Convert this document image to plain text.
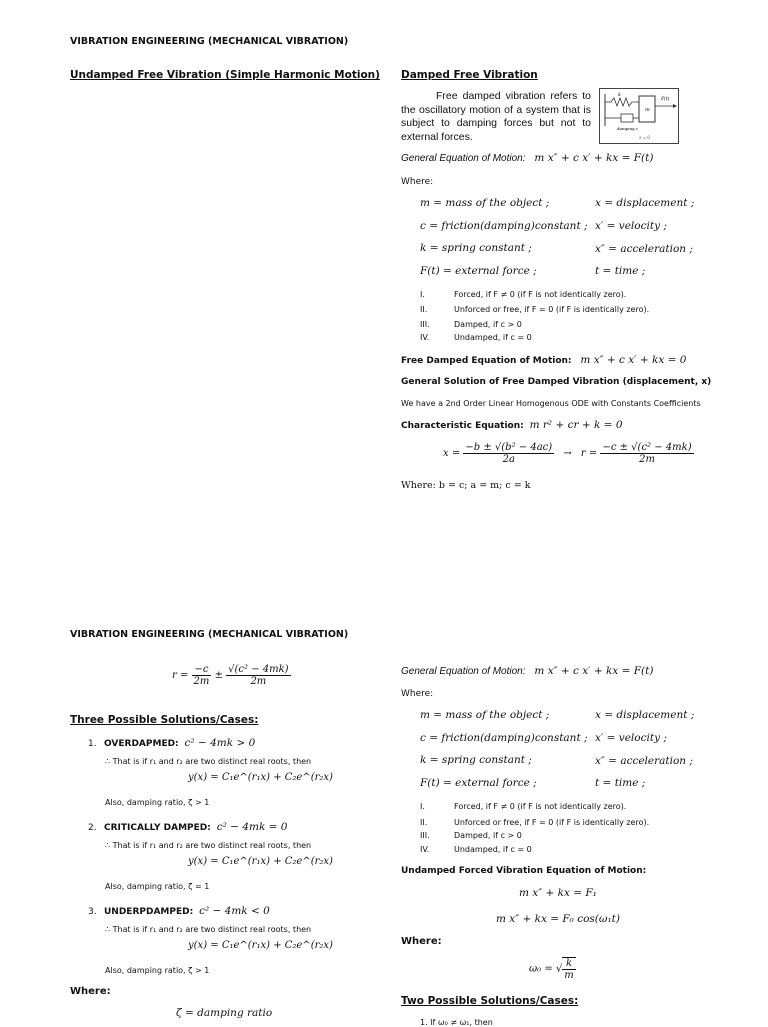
VIBRATION ENGINEERING (MECHANICAL VIBRATION)
Undamped Free Vibration (Simple Harmonic Motion) Damped Free Vibration
Free damped vibration refers to the oscillatory motion of a system that is subject to damping forces but not to external forces.
k
m
F(t)
damping c
x = 0
General Equation of Motion: m x″ + c x′ + kx = F(t)
Where:
m = mass of the object ;	x = displacement ;
c = friction(damping)constant ; x′ = velocity ;
k = spring constant ;	x″ = acceleration ;
F(t) = external force ;	t = time ;
I.	Forced, if F ≠ 0 (if F is not identically zero).
II.	Unforced or free, if F = 0 (if F is identically zero).
III.	Damped, if c > 0
IV.	Undamped, if c = 0
Free Damped Equation of Motion: m x″ + c x′ + kx = 0
General Solution of Free Damped Vibration (displacement, x)
We have a 2nd Order Linear Homogenous ODE with Constants Coefficients
Characteristic Equation: m r² + cr + k = 0
$x = \frac{\text{−b ± √(b² − 4ac)}}{2a} \to r = \frac{\text{−c ± √(c² − 4mk)}}{2m}$
Where: b = c; a = m; c = k
VIBRATION ENGINEERING (MECHANICAL VIBRATION)
$r = \frac{-c}{2m} \pm \frac{\text{√(c² − 4mk)}}{2m}$
Three Possible Solutions/Cases:
1. OVERDAPMED: c² − 4mk > 0
∴ That is if r₁ and r₂ are two distinct real roots, then
y(x) = C₁e^(r₁x) + C₂e^(r₂x)
Also, damping ratio, ζ > 1
2. CRITICALLY DAMPED: c² − 4mk = 0
∴ That is if r₁ and r₂ are two distinct real roots, then
y(x) = C₁e^(r₁x) + C₂e^(r₂x)
Also, damping ratio, ζ = 1
3. UNDERPDAMPED: c² − 4mk < 0
∴ That is if r₁ and r₂ are two distinct real roots, then
y(x) = C₁e^(r₁x) + C₂e^(r₂x)
Also, damping ratio, ζ > 1
Where:
ζ = damping ratio
General Equation of Motion: m x″ + c x′ + kx = F(t)
Where:
m = mass of the object ;	x = displacement ;
c = friction(damping)constant ; x′ = velocity ;
k = spring constant ;	x″ = acceleration ;
F(t) = external force ;	t = time ;
I.	Forced, if F ≠ 0 (if F is not identically zero).
II.	Unforced or free, if F = 0 (if F is identically zero).
III.	Damped, if c > 0
IV.	Undamped, if c = 0
Undamped Forced Vibration Equation of Motion:
m x″ + kx = F₁
m x″ + kx = F₀ cos(ω₁t)
Where:
ω₀ = √ $\frac{k}{m}$
Two Possible Solutions/Cases:
1. If ω₀ ≠ ω₁, then
